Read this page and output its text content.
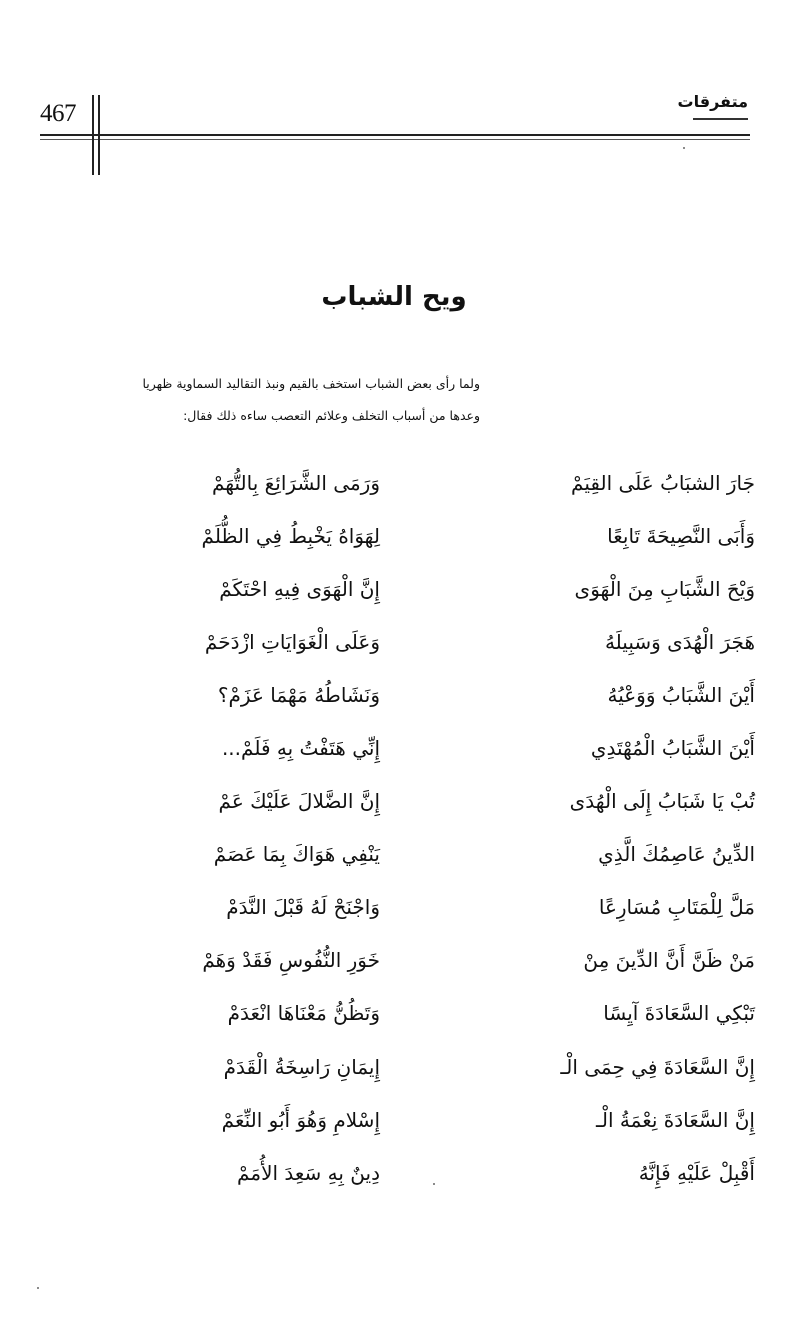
467	متفرقات
ويح الشباب
ولما رأى بعض الشباب استخف بالقيم ونبذ التقاليد السماوية ظهريا
وعدها من أسباب التخلف وعلائم التعصب ساءه ذلك فقال:
جَارَ الشبَابُ عَلَى القِيَمْ
وَرَمَى الشَّرَائِعَ بِالتُّهَمْ
وَأَبَى النَّصِيحَةَ تَابِعًا
لِهَوَاهُ يَخْبِطُ فِي الظُّلَمْ
وَيْحَ الشَّبَابِ مِنَ الْهَوَى
إِنَّ الْهَوَى فِيهِ احْتَكَمْ
هَجَرَ الْهُدَى وَسَبِيلَهُ
وَعَلَى الْغَوَايَاتِ ازْدَحَمْ
أَيْنَ الشَّبَابُ وَوَعْيُهُ
وَنَشَاطُهُ مَهْمَا عَزَمْ؟
أَيْنَ الشَّبَابُ الْمُهْتَدِي
إِنِّي هَتَفْتُ بِهِ فَلَمْ...
تُبْ يَا شَبَابُ إِلَى الْهُدَى
إِنَّ الضَّلالَ عَلَيْكَ عَمْ
الدِّينُ عَاصِمُكَ الَّذِي
يَنْفِي هَوَاكَ بِمَا عَصَمْ
مَلَّ لِلْمَتَابِ مُسَارِعًا
وَاجْنَحْ لَهُ قَبْلَ النَّدَمْ
مَنْ ظَنَّ أَنَّ الدِّينَ مِنْ
خَوَرِ النُّفُوسِ فَقَدْ وَهَمْ
تَبْكِي السَّعَادَةَ آيِسًا
وَتَظُنُّ مَعْنَاهَا انْعَدَمْ
إِنَّ السَّعَادَةَ فِي حِمَى الْـ
إِيمَانِ رَاسِخَةُ الْقَدَمْ
إِنَّ السَّعَادَةَ نِعْمَةُ الْـ
إِسْلامِ وَهُوَ أَبُو النِّعَمْ
أَقْبِلْ عَلَيْهِ فَإِنَّهُ
دِينٌ بِهِ سَعِدَ الأُمَمْ
